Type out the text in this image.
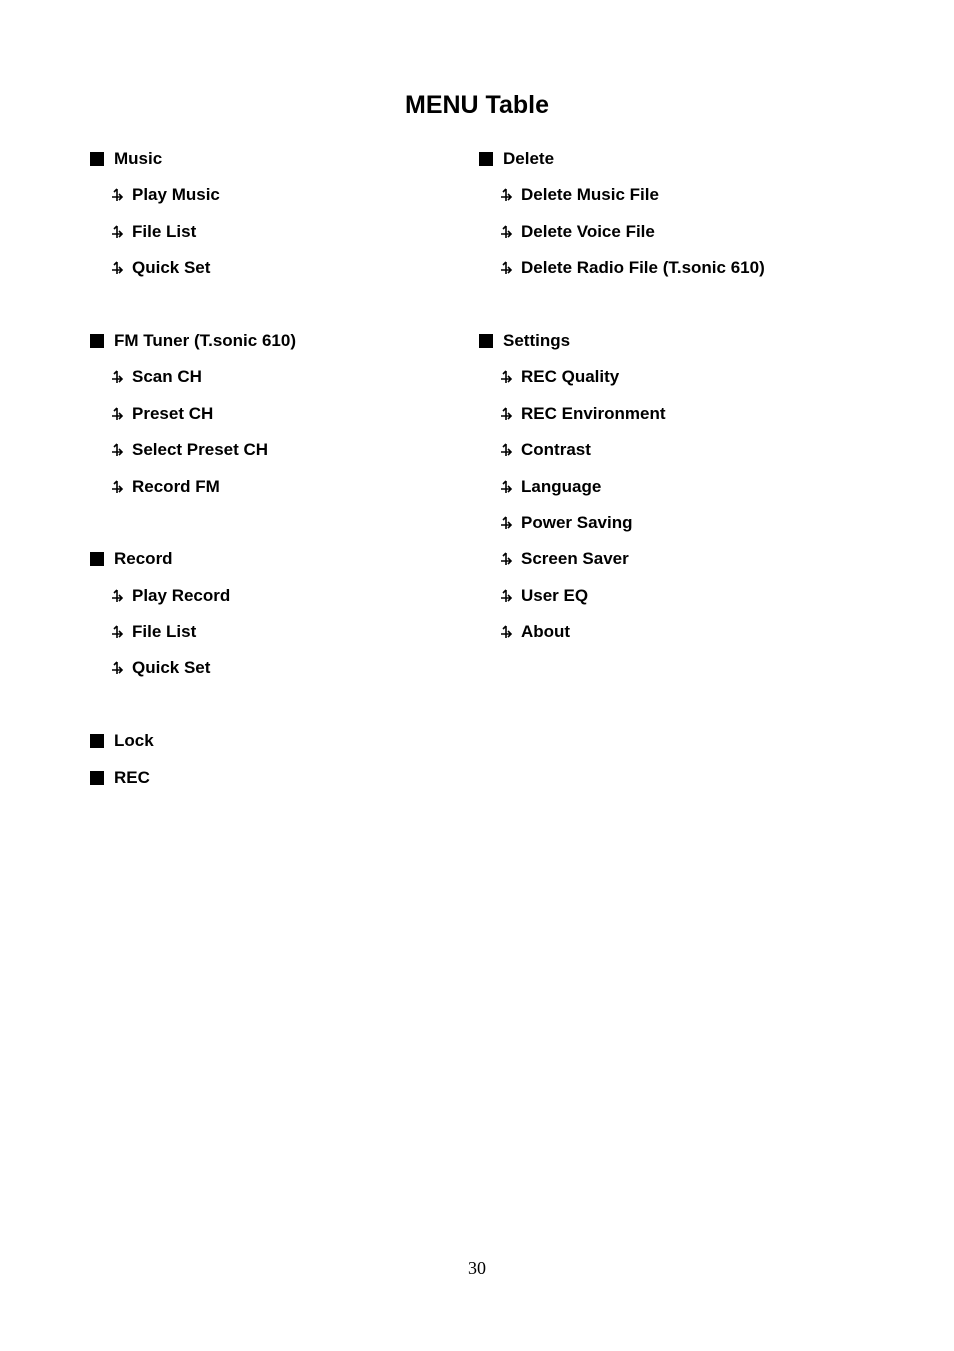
MENU Table
Music
Play Music
File List
Quick Set
FM Tuner (T.sonic 610)
Scan CH
Preset CH
Select Preset CH
Record FM
Record
Play Record
File List
Quick Set
Lock
REC
Delete
Delete Music File
Delete Voice File
Delete Radio File (T.sonic 610)
Settings
REC Quality
REC Environment
Contrast
Language
Power Saving
Screen Saver
User EQ
About
30
